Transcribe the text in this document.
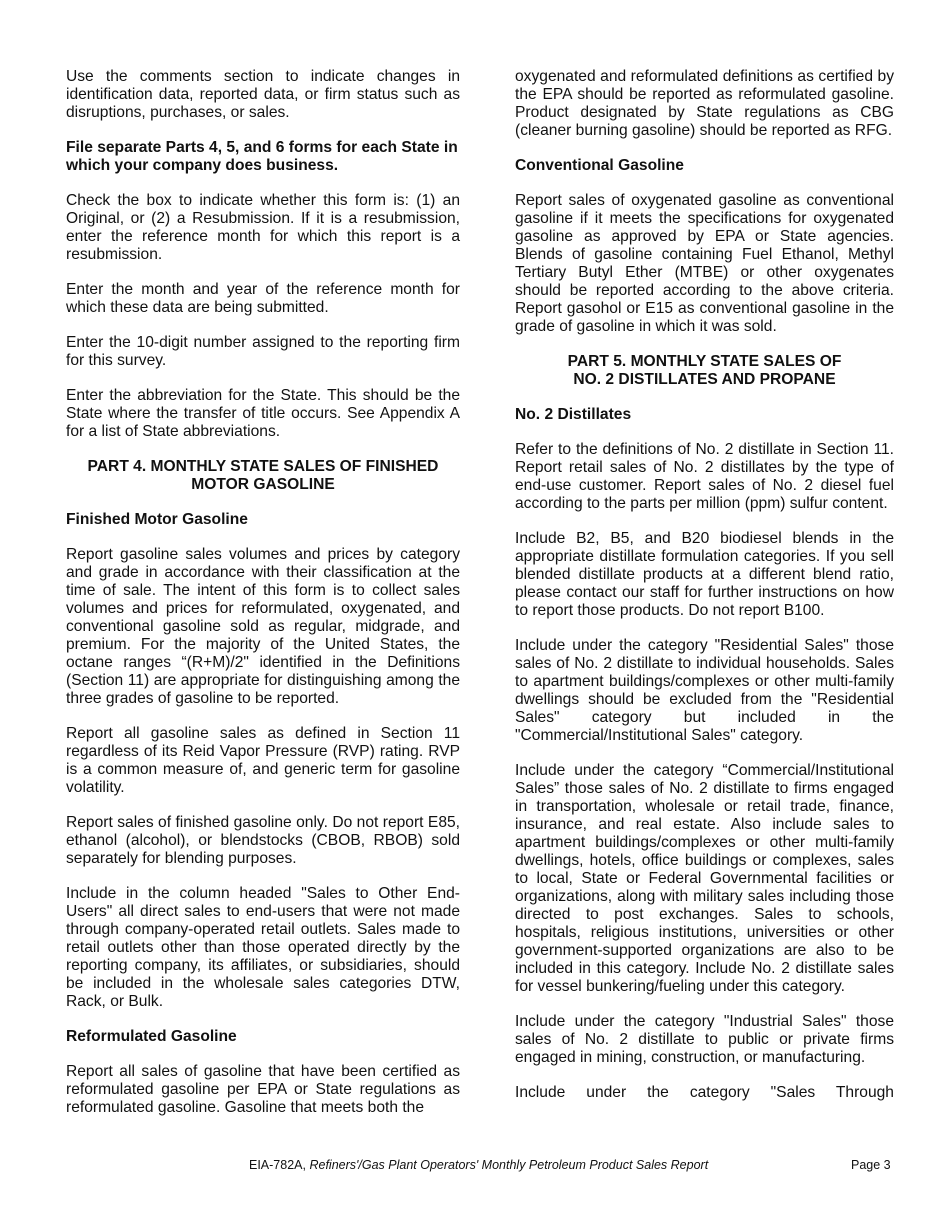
Use the comments section to indicate changes in identification data, reported data, or firm status such as disruptions, purchases, or sales.

File separate Parts 4, 5, and 6 forms for each State in which your company does business.

Check the box to indicate whether this form is: (1) an Original, or (2) a Resubmission. If it is a resubmission, enter the reference month for which this report is a resubmission.

Enter the month and year of the reference month for which these data are being submitted.

Enter the 10-digit number assigned to the reporting firm for this survey.

Enter the abbreviation for the State. This should be the State where the transfer of title occurs. See Appendix A for a list of State abbreviations.

PART 4. MONTHLY STATE SALES OF FINISHED
MOTOR GASOLINE
Finished Motor Gasoline

Report gasoline sales volumes and prices by category and grade in accordance with their classification at the time of sale. The intent of this form is to collect sales volumes and prices for reformulated, oxygenated, and conventional gasoline sold as regular, midgrade, and premium. For the majority of the United States, the octane ranges “(R+M)/2" identified in the Definitions (Section 11) are appropriate for distinguishing among the three grades of gasoline to be reported.

Report all gasoline sales as defined in Section 11 regardless of its Reid Vapor Pressure (RVP) rating. RVP is a common measure of, and generic term for gasoline volatility.

Report sales of finished gasoline only. Do not report E85, ethanol (alcohol), or blendstocks (CBOB, RBOB) sold separately for blending purposes.

Include in the column headed "Sales to Other End-Users" all direct sales to end-users that were not made through company-operated retail outlets. Sales made to retail outlets other than those operated directly by the reporting company, its affiliates, or subsidiaries, should be included in the wholesale sales categories DTW, Rack, or Bulk.

Reformulated Gasoline

Report all sales of gasoline that have been certified as reformulated gasoline per EPA or State regulations as reformulated gasoline. Gasoline that meets both the

oxygenated and reformulated definitions as certified by the EPA should be reported as reformulated gasoline. Product designated by State regulations as CBG (cleaner burning gasoline) should be reported as RFG.

Conventional Gasoline

Report sales of oxygenated gasoline as conventional gasoline if it meets the specifications for oxygenated gasoline as approved by EPA or State agencies. Blends of gasoline containing Fuel Ethanol, Methyl Tertiary Butyl Ether (MTBE) or other oxygenates should be reported according to the above criteria. Report gasohol or E15 as conventional gasoline in the grade of gasoline in which it was sold.

PART 5. MONTHLY STATE SALES OF
NO. 2 DISTILLATES AND PROPANE
No. 2 Distillates

Refer to the definitions of No. 2 distillate in Section 11. Report retail sales of No. 2 distillates by the type of end-use customer. Report sales of No. 2 diesel fuel according to the parts per million (ppm) sulfur content.

Include B2, B5, and B20 biodiesel blends in the appropriate distillate formulation categories. If you sell blended distillate products at a different blend ratio, please contact our staff for further instructions on how to report those products. Do not report B100.

Include under the category "Residential Sales" those sales of No. 2 distillate to individual households. Sales to apartment buildings/complexes or other multi-family dwellings should be excluded from the "Residential Sales" category but included in the "Commercial/Institutional Sales" category.

Include under the category “Commercial/Institutional Sales” those sales of No. 2 distillate to firms engaged in transportation, wholesale or retail trade, finance, insurance, and real estate. Also include sales to apartment buildings/complexes or other multi-family dwellings, hotels, office buildings or complexes, sales to local, State or Federal Governmental facilities or organizations, along with military sales including those directed to post exchanges. Sales to schools, hospitals, religious institutions, universities or other government-supported organizations are also to be included in this category. Include No. 2 distillate sales for vessel bunkering/fueling under this category.

Include under the category "Industrial Sales" those sales of No. 2 distillate to public or private firms engaged in mining, construction, or manufacturing.

Include under the category "Sales Through

EIA-782A, Refiners'/Gas Plant Operators' Monthly Petroleum Product Sales Report	Page 3
